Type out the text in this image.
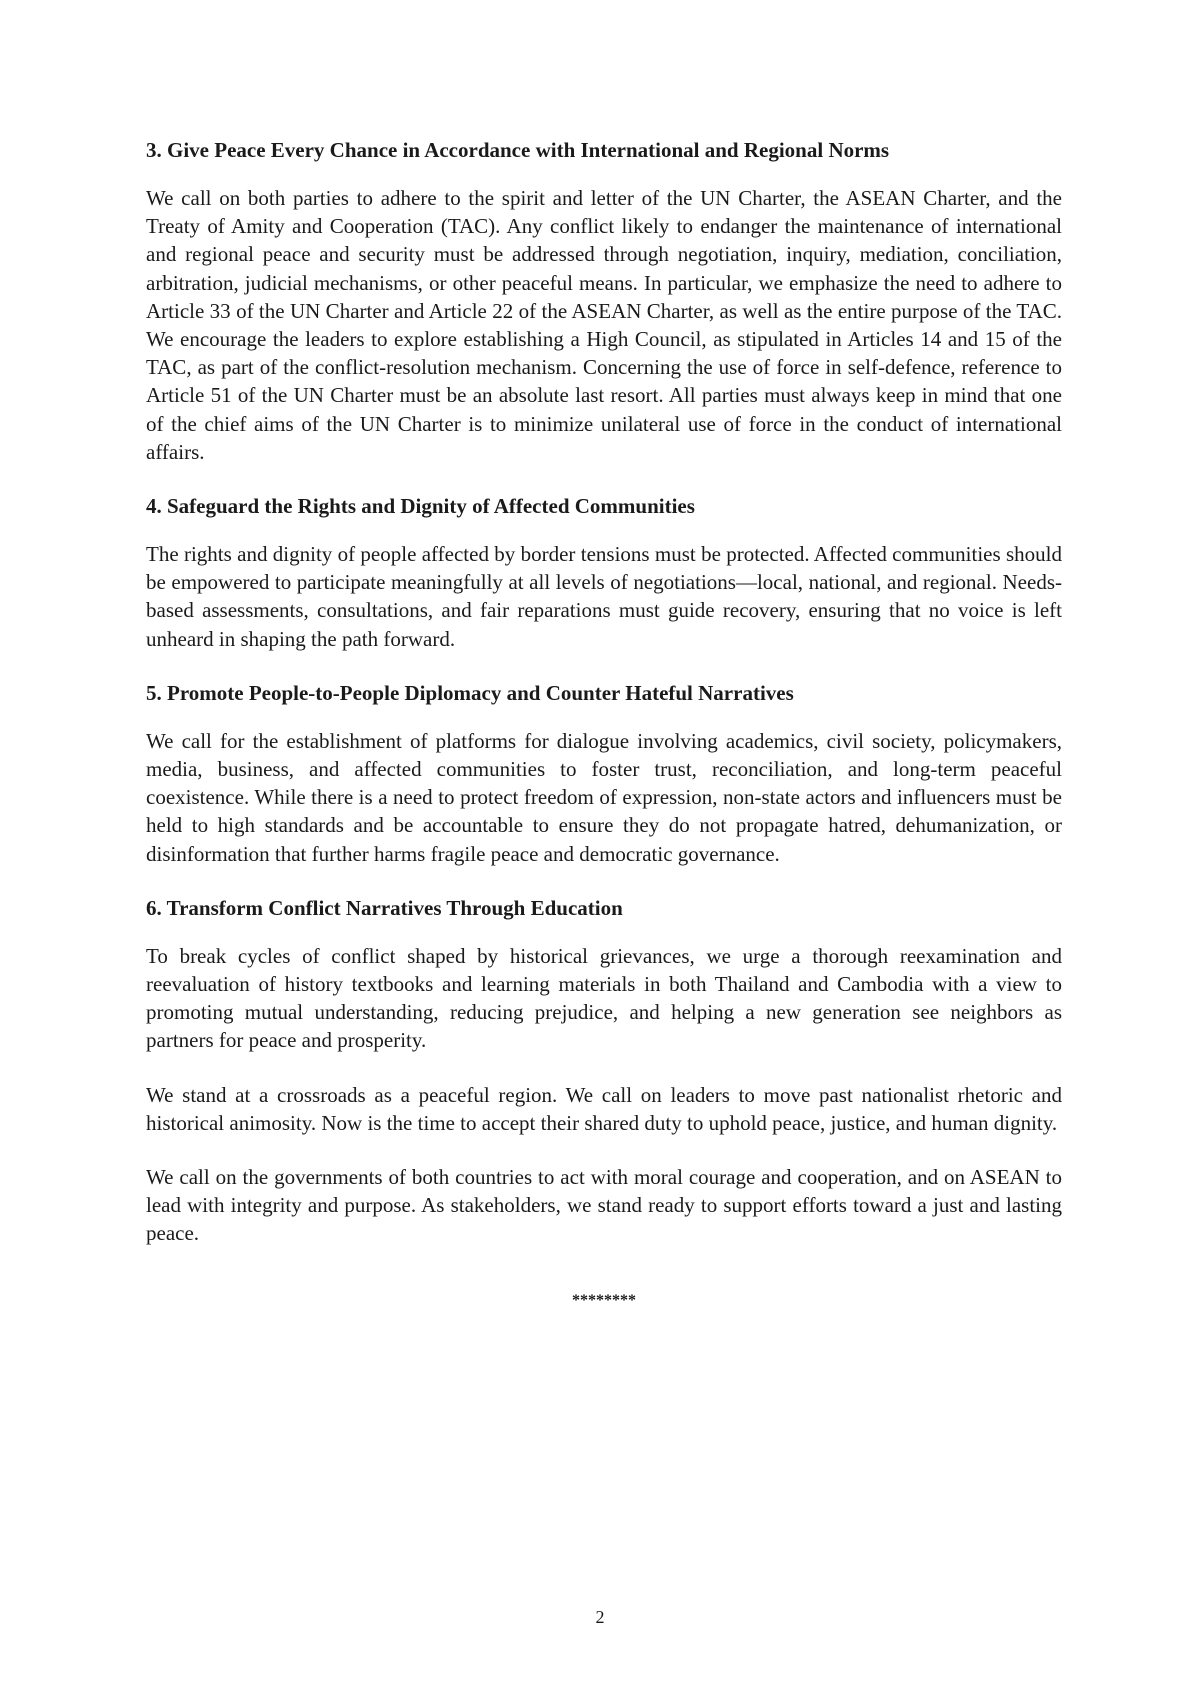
3. Give Peace Every Chance in Accordance with International and Regional Norms

We call on both parties to adhere to the spirit and letter of the UN Charter, the ASEAN Charter, and the Treaty of Amity and Cooperation (TAC). Any conflict likely to endanger the maintenance of international and regional peace and security must be addressed through negotiation, inquiry, mediation, conciliation, arbitration, judicial mechanisms, or other peaceful means. In particular, we emphasize the need to adhere to Article 33 of the UN Charter and Article 22 of the ASEAN Charter, as well as the entire purpose of the TAC. We encourage the leaders to explore establishing a High Council, as stipulated in Articles 14 and 15 of the TAC, as part of the conflict-resolution mechanism. Concerning the use of force in self-defence, reference to Article 51 of the UN Charter must be an absolute last resort. All parties must always keep in mind that one of the chief aims of the UN Charter is to minimize unilateral use of force in the conduct of international affairs.

4. Safeguard the Rights and Dignity of Affected Communities

The rights and dignity of people affected by border tensions must be protected. Affected communities should be empowered to participate meaningfully at all levels of negotiations—local, national, and regional. Needs-based assessments, consultations, and fair reparations must guide recovery, ensuring that no voice is left unheard in shaping the path forward.

5. Promote People-to-People Diplomacy and Counter Hateful Narratives

We call for the establishment of platforms for dialogue involving academics, civil society, policymakers, media, business, and affected communities to foster trust, reconciliation, and long-term peaceful coexistence. While there is a need to protect freedom of expression, non-state actors and influencers must be held to high standards and be accountable to ensure they do not propagate hatred, dehumanization, or disinformation that further harms fragile peace and democratic governance.

6. Transform Conflict Narratives Through Education

To break cycles of conflict shaped by historical grievances, we urge a thorough reexamination and reevaluation of history textbooks and learning materials in both Thailand and Cambodia with a view to promoting mutual understanding, reducing prejudice, and helping a new generation see neighbors as partners for peace and prosperity.

We stand at a crossroads as a peaceful region. We call on leaders to move past nationalist rhetoric and historical animosity. Now is the time to accept their shared duty to uphold peace, justice, and human dignity.

We call on the governments of both countries to act with moral courage and cooperation, and on ASEAN to lead with integrity and purpose. As stakeholders, we stand ready to support efforts toward a just and lasting peace.

********
2
